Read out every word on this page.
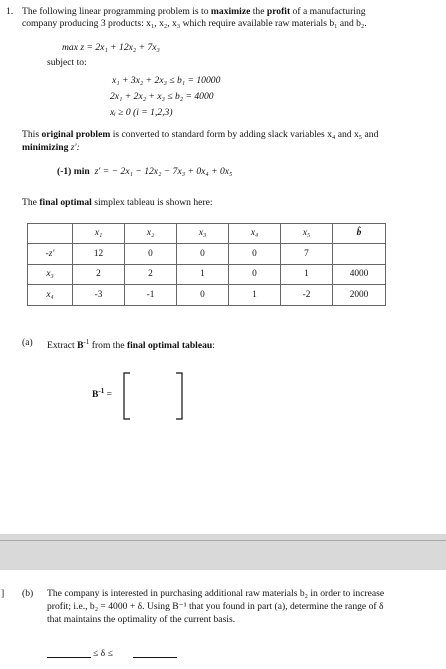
1. The following linear programming problem is to maximize the profit of a manufacturing
company producing 3 products: x₁, x₂, x₃ which require available raw materials b₁ and b₂.
max z = 2x₁ + 12x₂ + 7x₃
subject to:
x₁ + 3x₂ + 2x₃ ≤ b₁ = 10000
2x₁ + 2x₂ + x₃ ≤ b₂ = 4000
xᵢ ≥ 0 (i = 1,2,3)
This original problem is converted to standard form by adding slack variables x₄ and x₅ and
minimizing z′:
(-1) min z′ = − 2x₁ − 12x₂ − 7x₃ + 0x₄ + 0x₅
The final optimal simplex tableau is shown here:
	x₁	x₂	x₃	x₄	x₅	b̂
-z′	12	0	0	0	7	
x₃	2	2	1	0	1	4000
x₄	-3	-1	0	1	-2	2000
(a) Extract $B^{-1}$ from the final optimal tableau:
$B^{-1}$ =
] (b) The company is interested in purchasing additional raw materials b₂ in order to increase
profit; i.e., b₂ = 4000 + δ. Using B⁻¹ that you found in part (a), determine the range of δ
that maintains the optimality of the current basis.
≤ δ ≤
